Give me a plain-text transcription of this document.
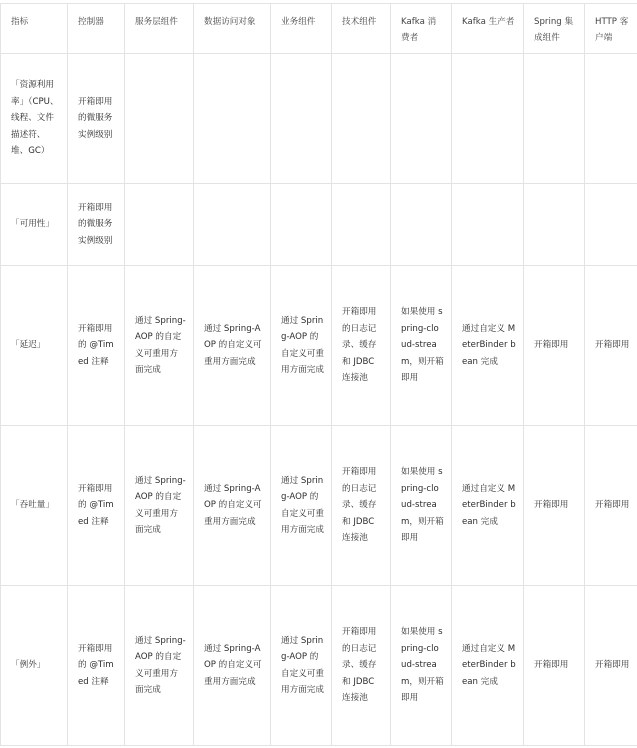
指标	控制器	服务层组件	数据访问对象	业务组件	技术组件	Kafka 消费者	Kafka 生产者	Spring 集成组件	HTTP 客户端
「资源利用率」（CPU、线程、文件描述符、堆、GC）	开箱即用的微服务实例级别								
「可用性」	开箱即用的微服务实例级别								
「延迟」	开箱即用的 @Timed 注释	通过 Spring-AOP 的自定义可重用方面完成	通过 Spring-AOP 的自定义可重用方面完成	通过 Spring-AOP 的自定义可重用方面完成	开箱即用的日志记录、缓存和 JDBC 连接池	如果使用 spring-cloud-stream，则开箱即用	通过自定义 MeterBinder bean 完成	开箱即用	开箱即用
「吞吐量」	开箱即用的 @Timed 注释	通过 Spring-AOP 的自定义可重用方面完成	通过 Spring-AOP 的自定义可重用方面完成	通过 Spring-AOP 的自定义可重用方面完成	开箱即用的日志记录、缓存和 JDBC 连接池	如果使用 spring-cloud-stream，则开箱即用	通过自定义 MeterBinder bean 完成	开箱即用	开箱即用
「例外」	开箱即用的 @Timed 注释	通过 Spring-AOP 的自定义可重用方面完成	通过 Spring-AOP 的自定义可重用方面完成	通过 Spring-AOP 的自定义可重用方面完成	开箱即用的日志记录、缓存和 JDBC 连接池	如果使用 spring-cloud-stream，则开箱即用	通过自定义 MeterBinder bean 完成	开箱即用	开箱即用
